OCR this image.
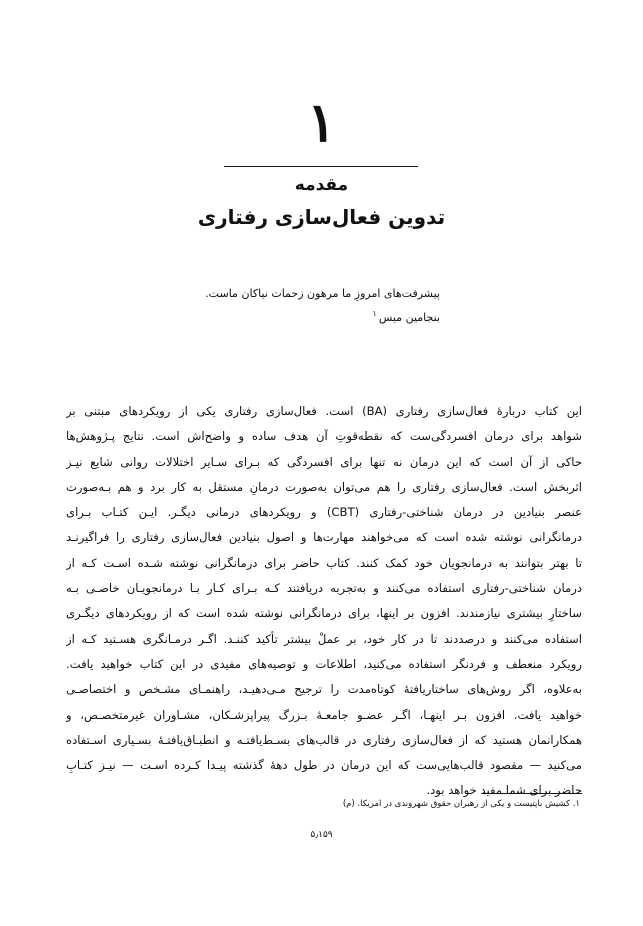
۱
مقدمه
تدوین فعال‌سازی رفتاری
پیشرفت‌های امروزِ ما مرهون زحمات نیاکان ماست.
بنجامین میس$^۱$
این کتاب دربارهٔ فعال‌سازی رفتاری (BA) است. فعال‌سازی رفتاری یکی از رویکردهای مبتنی بر
شواهد برای درمان افسردگی‌ست که نقطه‌قوتِ آن هدف ساده و واضح‌اش است. نتایج پـژوهش‌ها
حاکی از آن است که این درمان نه تنها برای افسردگی که بـرای سـایر اختلالات روانی شایع نیـز
اثربخش است. فعال‌سازی رفتاری را هم می‌توان به‌صورت درمانِ مستقل به کار برد و هم بـه‌صورت
عنصر بنیادین در درمان شناختی-رفتاری (CBT) و رویکردهای درمانی دیگـر. ایـن کتـاب بـرای
درمانگرانی نوشته شده است که می‌خواهند مهارت‌ها و اصول بنیادین فعال‌سازی رفتاری را فراگیرنـد
تا بهتر بتوانند به درمانجویان خود کمک کنند. کتاب حاضر برای درمانگرانی نوشته شـده اسـت کـه از
درمان شناختی-رفتاری استفاده می‌کنند و به‌تجربه دریافتند کـه بـرای کـار بـا درمانجویـان خاصـی بـه
ساختارِ بیشتری نیازمندند. افزون بر اینها، برای درمانگرانی نوشته شده است که از رویکردهای دیگـری
استفاده می‌کنند و درصددند تا در کار خود، بر عملْ بیشتر تأکید کننـد. اگـر درمـانگری هسـتید کـه از
رویکرد منعطف و فردنگر استفاده می‌کنید، اطلاعات و توصیه‌های مفیدی در این کتاب خواهید یافت.
به‌علاوه، اگر روش‌های ساختاریافتهٔ کوتاه‌مدت را ترجیح مـی‌دهیـد، راهنمـای مشـخص و اختصاصـی
خواهید یافت. افزون بـر اینهـا، اگـر عضـو جامعـهٔ بـزرگ پیراپزشـکان، مشـاوران غیرمتخصـص، و
همکارانمان هستید که از فعال‌سازی رفتاری در قالب‌های بسـط‌یافتـه و انطبـاق‌یافتـهٔ بسـیاری اسـتفاده
می‌کنید — مقصود قالب‌هایی‌ست که این درمان در طول دههٔ گذشته پیـدا کـرده اسـت — نیـز کتـابِ
حاضر برای شما مفید خواهد بود.
۱. کشیش باپتیست و یکی از رهبران حقوق شهروندی در امریکا. (م)
۵٫۱۵۹
